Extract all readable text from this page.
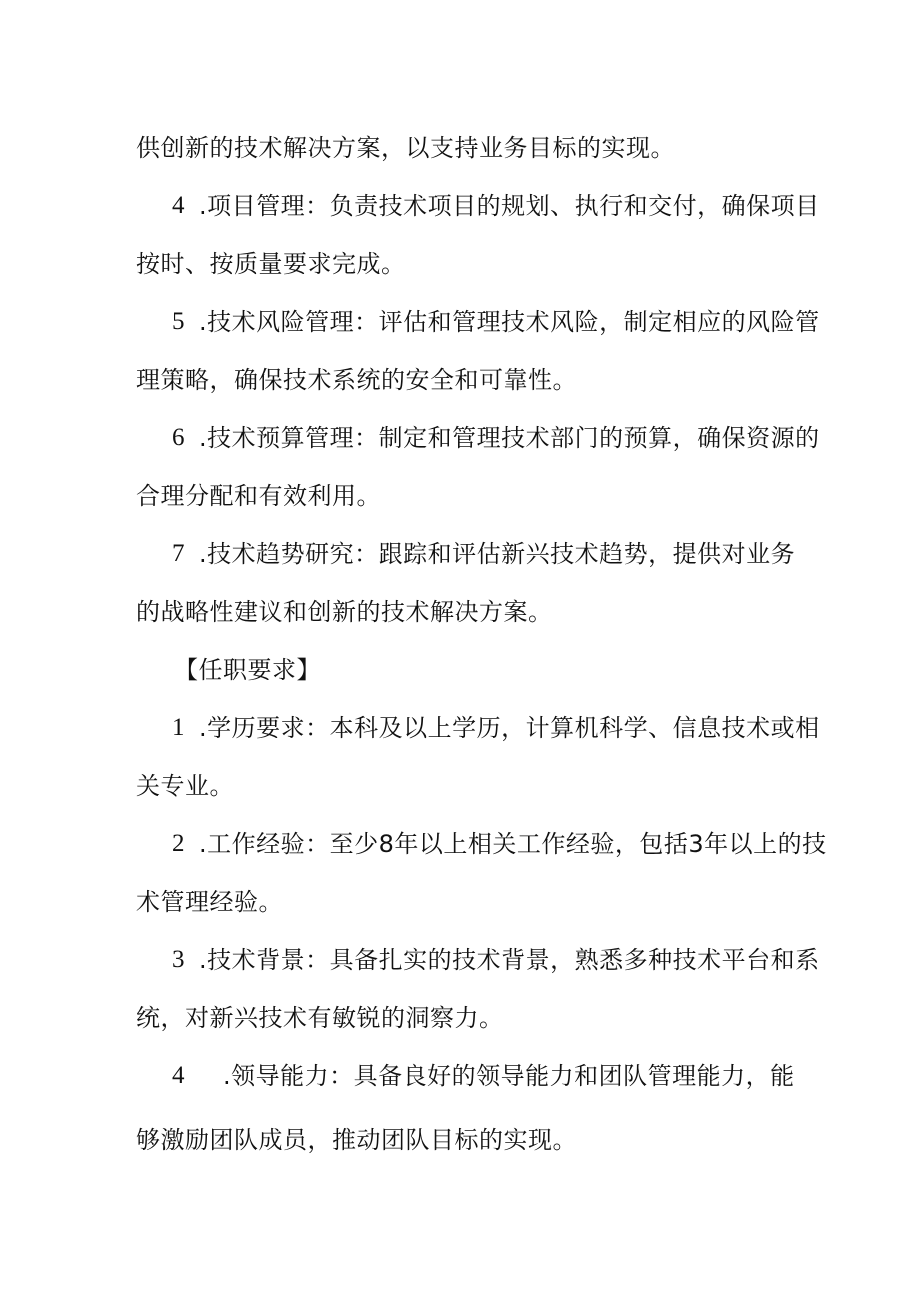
供创新的技术解决方案，以支持业务目标的实现。
4 .项目管理：负责技术项目的规划、执行和交付，确保项目
按时、按质量要求完成。
5 .技术风险管理：评估和管理技术风险，制定相应的风险管
理策略，确保技术系统的安全和可靠性。
6 .技术预算管理：制定和管理技术部门的预算，确保资源的
合理分配和有效利用。
7 .技术趋势研究：跟踪和评估新兴技术趋势，提供对业务
的战略性建议和创新的技术解决方案。
【任职要求】
1 .学历要求：本科及以上学历，计算机科学、信息技术或相
关专业。
2 .工作经验：至少8年以上相关工作经验，包括3年以上的技
术管理经验。
3 .技术背景：具备扎实的技术背景，熟悉多种技术平台和系
统，对新兴技术有敏锐的洞察力。
4 .领导能力：具备良好的领导能力和团队管理能力，能
够激励团队成员，推动团队目标的实现。
